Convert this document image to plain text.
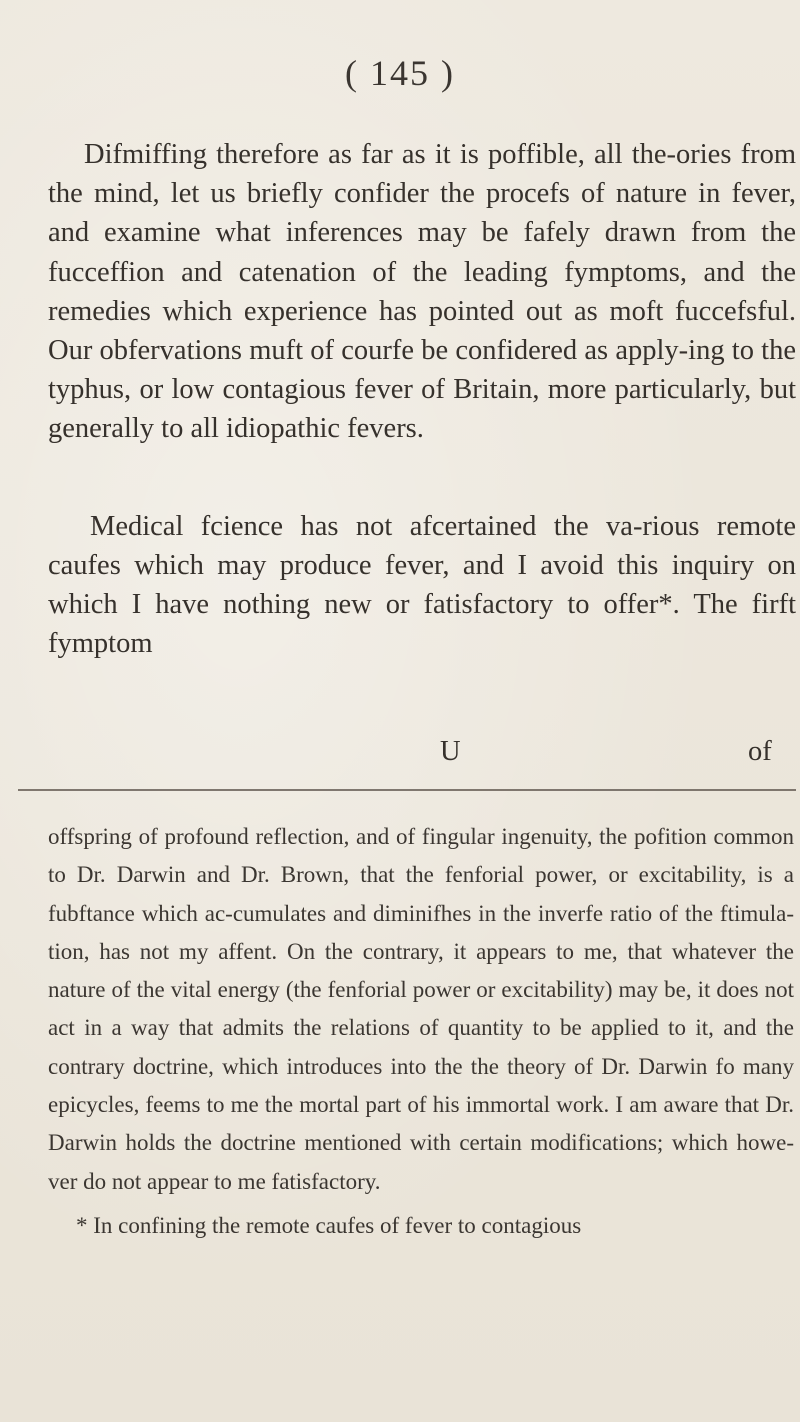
( 145 )

Difmiffing therefore as far as it is poffible, all the-ories from the mind, let us briefly confider the procefs of nature in fever, and examine what inferences may be fafely drawn from the fucceffion and catenation of the leading fymptoms, and the remedies which experience has pointed out as moft fuccefsful. Our obfervations muft of courfe be confidered as apply-ing to the typhus, or low contagious fever of Britain, more particularly, but generally to all idiopathic fevers.

Medical fcience has not afcertained the va-rious remote caufes which may produce fever, and I avoid this inquiry on which I have nothing new or fatisfactory to offer*. The firft fymptom

U	of

offspring of profound reflection, and of fingular ingenuity, the pofition common to Dr. Darwin and Dr. Brown, that the fenforial power, or excitability, is a fubftance which ac-cumulates and diminifhes in the inverfe ratio of the ftimula-tion, has not my affent. On the contrary, it appears to me, that whatever the nature of the vital energy (the fenforial power or excitability) may be, it does not act in a way that admits the relations of quantity to be applied to it, and the contrary doctrine, which introduces into the the theory of Dr. Darwin fo many epicycles, feems to me the mortal part of his immortal work. I am aware that Dr. Darwin holds the doctrine mentioned with certain modifications; which howe-ver do not appear to me fatisfactory.

* In confining the remote caufes of fever to contagious
